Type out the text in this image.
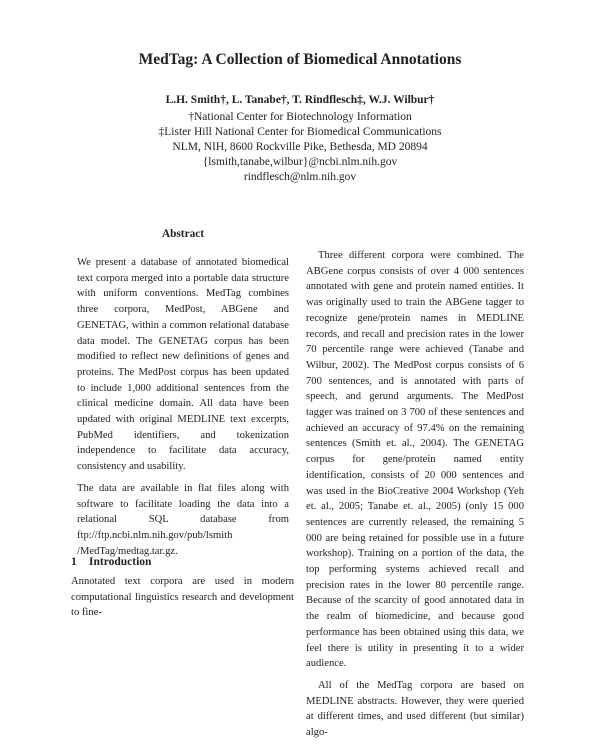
MedTag: A Collection of Biomedical Annotations
L.H. Smith†, L. Tanabe†, T. Rindflesch‡, W.J. Wilbur†
†National Center for Biotechnology Information
‡Lister Hill National Center for Biomedical Communications
NLM, NIH, 8600 Rockville Pike, Bethesda, MD 20894
{lsmith,tanabe,wilbur}@ncbi.nlm.nih.gov
rindflesch@nlm.nih.gov
Abstract

We present a database of annotated biomedical text corpora merged into a portable data structure with uniform conventions. MedTag combines three corpora, MedPost, ABGene and GENETAG, within a common relational database data model. The GENETAG corpus has been modified to reflect new definitions of genes and proteins. The MedPost corpus has been updated to include 1,000 additional sentences from the clinical medicine domain. All data have been updated with original MEDLINE text excerpts, PubMed identifiers, and tokenization independence to facilitate data accuracy, consistency and usability.

The data are available in flat files along with software to facilitate loading the data into a relational SQL database from ftp://ftp.ncbi.nlm.nih.gov/pub/lsmith /MedTag/medtag.tar.gz.

1 Introduction
Annotated text corpora are used in modern computational linguistics research and development to fine-

Three different corpora were combined. The ABGene corpus consists of over 4 000 sentences annotated with gene and protein named entities. It was originally used to train the ABGene tagger to recognize gene/protein names in MEDLINE records, and recall and precision rates in the lower 70 percentile range were achieved (Tanabe and Wilbur, 2002). The MedPost corpus consists of 6 700 sentences, and is annotated with parts of speech, and gerund arguments. The MedPost tagger was trained on 3 700 of these sentences and achieved an accuracy of 97.4% on the remaining sentences (Smith et. al., 2004). The GENETAG corpus for gene/protein named entity identification, consists of 20 000 sentences and was used in the BioCreative 2004 Workshop (Yeh et. al., 2005; Tanabe et. al., 2005) (only 15 000 sentences are currently released, the remaining 5 000 are being retained for possible use in a future workshop). Training on a portion of the data, the top performing systems achieved recall and precision rates in the lower 80 percentile range. Because of the scarcity of good annotated data in the realm of biomedicine, and because good performance has been obtained using this data, we feel there is utility in presenting it to a wider audience.

All of the MedTag corpora are based on MEDLINE abstracts. However, they were queried at different times, and used different (but similar) algo-
